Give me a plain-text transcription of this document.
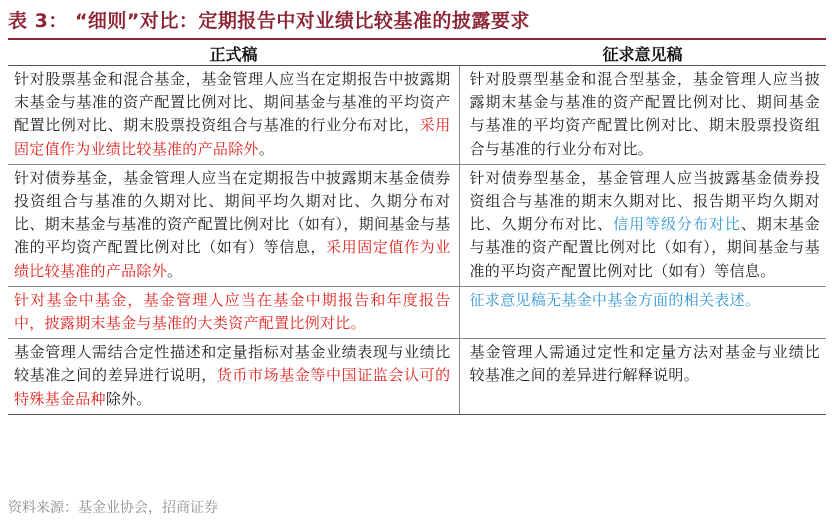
表 3： “细则”对比：定期报告中对业绩比较基准的披露要求
正式稿	征求意见稿
针对股票基金和混合基金，基金管理人应当在定期报告中披露期末基金与基准的资产配置比例对比、期间基金与基准的平均资产配置比例对比、期末股票投资组合与基准的行业分布对比，采用固定值作为业绩比较基准的产品除外。	针对股票型基金和混合型基金，基金管理人应当披露期末基金与基准的资产配置比例对比、期间基金与基准的平均资产配置比例对比、期末股票投资组合与基准的行业分布对比。
针对债券基金，基金管理人应当在定期报告中披露期末基金债券投资组合与基准的久期对比、期间平均久期对比、久期分布对比、期末基金与基准的资产配置比例对比（如有），期间基金与基准的平均资产配置比例对比（如有）等信息，采用固定值作为业绩比较基准的产品除外。	针对债券型基金，基金管理人应当披露基金债券投资组合与基准的期末久期对比、报告期平均久期对比、久期分布对比、信用等级分布对比、期末基金与基准的资产配置比例对比（如有），期间基金与基准的平均资产配置比例对比（如有）等信息。
针对基金中基金，基金管理人应当在基金中期报告和年度报告中，披露期末基金与基准的大类资产配置比例对比。	征求意见稿无基金中基金方面的相关表述。
基金管理人需结合定性描述和定量指标对基金业绩表现与业绩比较基准之间的差异进行说明，货币市场基金等中国证监会认可的特殊基金品种除外。	基金管理人需通过定性和定量方法对基金与业绩比较基准之间的差异进行解释说明。
资料来源：基金业协会，招商证券
